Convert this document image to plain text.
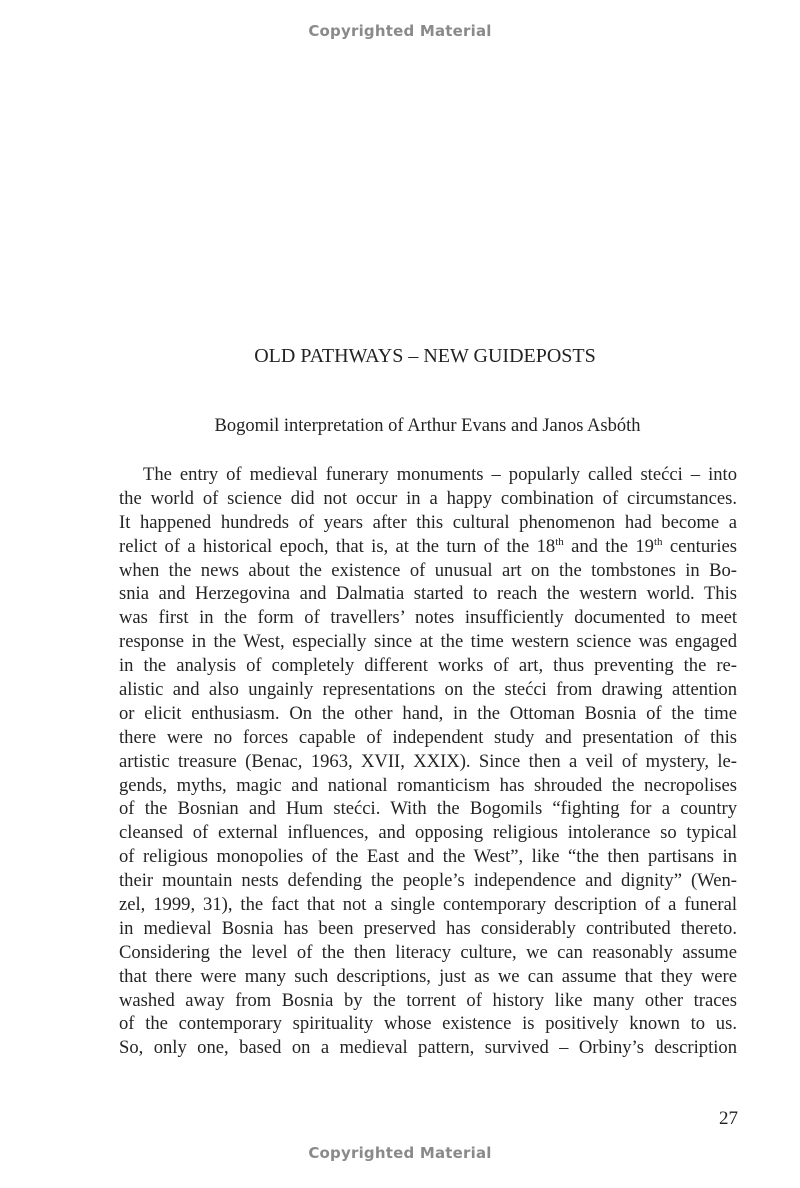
Copyrighted Material
OLD PATHWAYS – NEW GUIDEPOSTS
Bogomil interpretation of Arthur Evans and Janos Asbóth
The entry of medieval funerary monuments – popularly called stećci – into
the world of science did not occur in a happy combination of circumstances.
It happened hundreds of years after this cultural phenomenon had become a
relict of a historical epoch, that is, at the turn of the 18th and the 19th centuries
when the news about the existence of unusual art on the tombstones in Bo-
snia and Herzegovina and Dalmatia started to reach the western world. This
was first in the form of travellers’ notes insufficiently documented to meet
response in the West, especially since at the time western science was engaged
in the analysis of completely different works of art, thus preventing the re-
alistic and also ungainly representations on the stećci from drawing attention
or elicit enthusiasm. On the other hand, in the Ottoman Bosnia of the time
there were no forces capable of independent study and presentation of this
artistic treasure (Benac, 1963, XVII, XXIX). Since then a veil of mystery, le-
gends, myths, magic and national romanticism has shrouded the necropolises
of the Bosnian and Hum stećci. With the Bogomils “fighting for a country
cleansed of external influences, and opposing religious intolerance so typical
of religious monopolies of the East and the West”, like “the then partisans in
their mountain nests defending the people’s independence and dignity” (Wen-
zel, 1999, 31), the fact that not a single contemporary description of a funeral
in medieval Bosnia has been preserved has considerably contributed thereto.
Considering the level of the then literacy culture, we can reasonably assume
that there were many such descriptions, just as we can assume that they were
washed away from Bosnia by the torrent of history like many other traces
of the contemporary spirituality whose existence is positively known to us.
So, only one, based on a medieval pattern, survived – Orbiny’s description
27
Copyrighted Material
